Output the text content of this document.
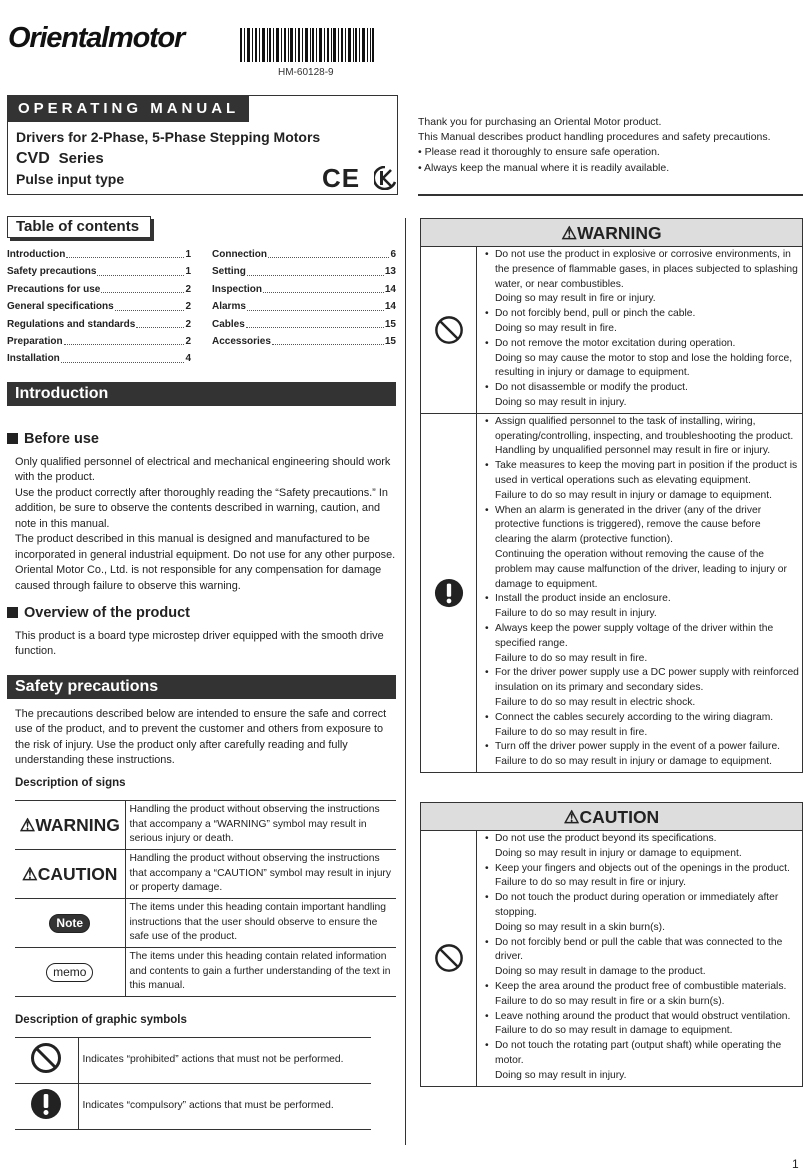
Orientalmotor
HM-60128-9
OPERATING MANUAL
Drivers for 2-Phase, 5-Phase Stepping Motors
CVD Series
Pulse input type	CE
Thank you for purchasing an Oriental Motor product.
This Manual describes product handling procedures and safety precautions.
• Please read it thoroughly to ensure safe operation.
• Always keep the manual where it is readily available.
Table of contents
Introduction	1
Safety precautions	1
Precautions for use	2
General specifications	2
Regulations and standards	2
Preparation	2
Installation	4
Connection	6
Setting	13
Inspection	14
Alarms	14
Cables	15
Accessories	15
Introduction
Before use
Only qualified personnel of electrical and mechanical engineering should work with the product.
Use the product correctly after thoroughly reading the “Safety precautions.” In addition, be sure to observe the contents described in warning, caution, and note in this manual.
The product described in this manual is designed and manufactured to be incorporated in general industrial equipment. Do not use for any other purpose. Oriental Motor Co., Ltd. is not responsible for any compensation for damage caused through failure to observe this warning.
Overview of the product
This product is a board type microstep driver equipped with the smooth drive function.
Safety precautions
The precautions described below are intended to ensure the safe and correct use of the product, and to prevent the customer and others from exposure to the risk of injury. Use the product only after carefully reading and fully understanding these instructions.
Description of signs
⚠WARNING	Handling the product without observing the instructions that accompany a “WARNING” symbol may result in serious injury or death.
⚠CAUTION	Handling the product without observing the instructions that accompany a “CAUTION” symbol may result in injury or property damage.
Note	The items under this heading contain important handling instructions that the user should observe to ensure the safe use of the product.
memo	The items under this heading contain related information and contents to gain a further understanding of the text in this manual.
Description of graphic symbols
	Indicates “prohibited” actions that must not be performed.
	Indicates “compulsory” actions that must be performed.
⚠WARNING
• Do not use the product in explosive or corrosive environments, in the presence of flammable gases, in places subjected to splashing water, or near combustibles.
Doing so may result in fire or injury.
• Do not forcibly bend, pull or pinch the cable.
Doing so may result in fire.
• Do not remove the motor excitation during operation.
Doing so may cause the motor to stop and lose the holding force, resulting in injury or damage to equipment.
• Do not disassemble or modify the product.
Doing so may result in injury.
• Assign qualified personnel to the task of installing, wiring, operating/controlling, inspecting, and troubleshooting the product.
Handling by unqualified personnel may result in fire or injury.
• Take measures to keep the moving part in position if the product is used in vertical operations such as elevating equipment.
Failure to do so may result in injury or damage to equipment.
• When an alarm is generated in the driver (any of the driver protective functions is triggered), remove the cause before clearing the alarm (protective function).
Continuing the operation without removing the cause of the problem may cause malfunction of the driver, leading to injury or damage to equipment.
• Install the product inside an enclosure.
Failure to do so may result in injury.
• Always keep the power supply voltage of the driver within the specified range.
Failure to do so may result in fire.
• For the driver power supply use a DC power supply with reinforced insulation on its primary and secondary sides.
Failure to do so may result in electric shock.
• Connect the cables securely according to the wiring diagram.
Failure to do so may result in fire.
• Turn off the driver power supply in the event of a power failure.
Failure to do so may result in injury or damage to equipment.
⚠CAUTION
• Do not use the product beyond its specifications.
Doing so may result in injury or damage to equipment.
• Keep your fingers and objects out of the openings in the product.
Failure to do so may result in fire or injury.
• Do not touch the product during operation or immediately after stopping.
Doing so may result in a skin burn(s).
• Do not forcibly bend or pull the cable that was connected to the driver.
Doing so may result in damage to the product.
• Keep the area around the product free of combustible materials.
Failure to do so may result in fire or a skin burn(s).
• Leave nothing around the product that would obstruct ventilation.
Failure to do so may result in damage to equipment.
• Do not touch the rotating part (output shaft) while operating the motor.
Doing so may result in injury.
1
